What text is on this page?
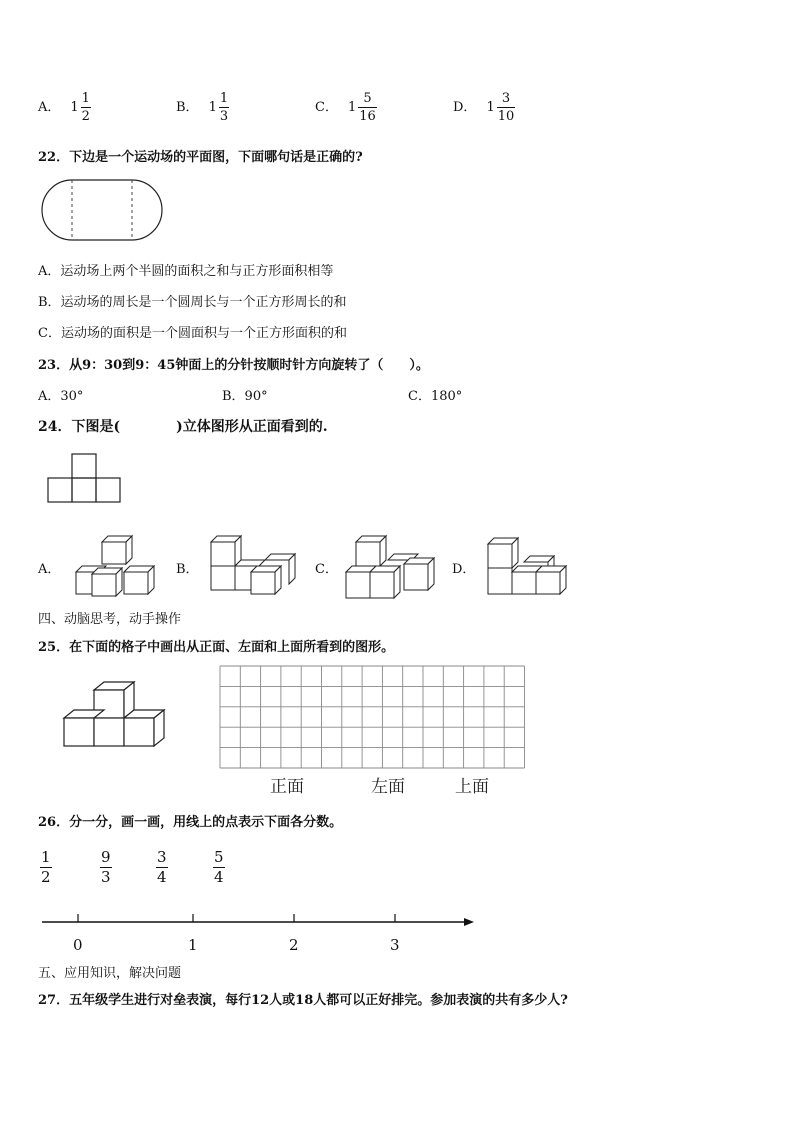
A． $1 \frac{1}{2}$	B． $1 \frac{1}{3}$	C． $1 \frac{5}{16}$	D． $1 \frac{3}{10}$
22．下边是一个运动场的平面图，下面哪句话是正确的?
A．运动场上两个半圆的面积之和与正方形面积相等
B．运动场的周长是一个圆周长与一个正方形周长的和
C．运动场的面积是一个圆面积与一个正方形面积的和
23．从9：30到9：45钟面上的分针按顺时针方向旋转了（　　）。
A．30°	B．90°	C．180°
24．下图是(　　　　)立体图形从正面看到的.
A．	B．	C．	D．
四、动脑思考，动手操作
25．在下面的格子中画出从正面、左面和上面所看到的图形。
正面	左面	上面
26．分一分，画一画，用线上的点表示下面各分数。
$\frac{1}{2}$	$\frac{9}{3}$	$\frac{3}{4}$	$\frac{5}{4}$
0	1	2	3
五、应用知识，解决问题
27．五年级学生进行对垒表演，每行12人或18人都可以正好排完。参加表演的共有多少人?
